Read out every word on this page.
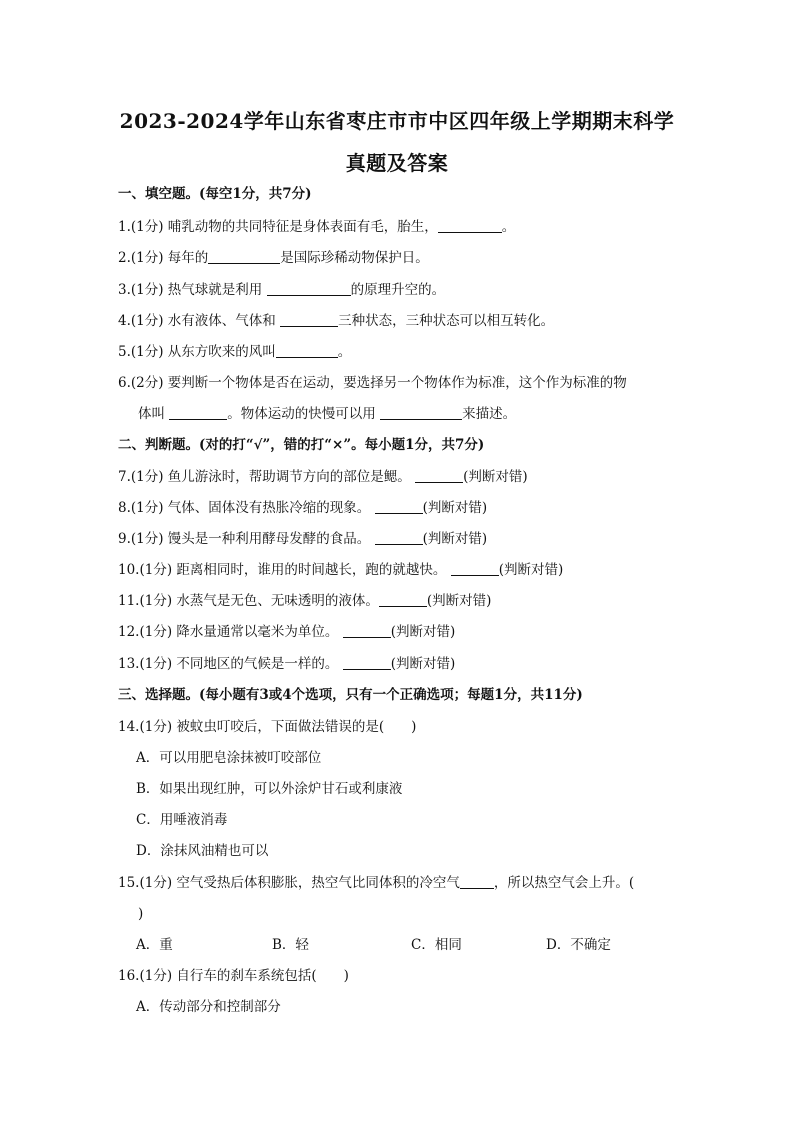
2023-2024学年山东省枣庄市市中区四年级上学期期末科学
真题及答案
一、填空题。(每空1分，共7分)
1.(1分) 哺乳动物的共同特征是身体表面有毛，胎生，	。
2.(1分) 每年的	是国际珍稀动物保护日。
3.(1分) 热气球就是利用	的原理升空的。
4.(1分) 水有液体、气体和	三种状态，三种状态可以相互转化。
5.(1分) 从东方吹来的风叫	。
6.(2分) 要判断一个物体是否在运动，要选择另一个物体作为标准，这个作为标准的物
体叫	。物体运动的快慢可以用	来描述。
二、判断题。(对的打“√”，错的打“×”。每小题1分，共7分)
7.(1分) 鱼儿游泳时，帮助调节方向的部位是鳃。	(判断对错)
8.(1分) 气体、固体没有热胀冷缩的现象。	(判断对错)
9.(1分) 馒头是一种利用酵母发酵的食品。	(判断对错)
10.(1分) 距离相同时，谁用的时间越长，跑的就越快。	(判断对错)
11.(1分) 水蒸气是无色、无味透明的液体。	(判断对错)
12.(1分) 降水量通常以毫米为单位。	(判断对错)
13.(1分) 不同地区的气候是一样的。	(判断对错)
三、选择题。(每小题有3或4个选项，只有一个正确选项；每题1分，共11分)
14.(1分) 被蚊虫叮咬后，下面做法错误的是(　　)
A．可以用肥皂涂抹被叮咬部位
B．如果出现红肿，可以外涂炉甘石或利康液
C．用唾液消毒
D．涂抹风油精也可以
15.(1分) 空气受热后体积膨胀，热空气比同体积的冷空气	，所以热空气会上升。(
)
A．重	B．轻	C．相同	D．不确定
16.(1分) 自行车的刹车系统包括(　　)
A．传动部分和控制部分
